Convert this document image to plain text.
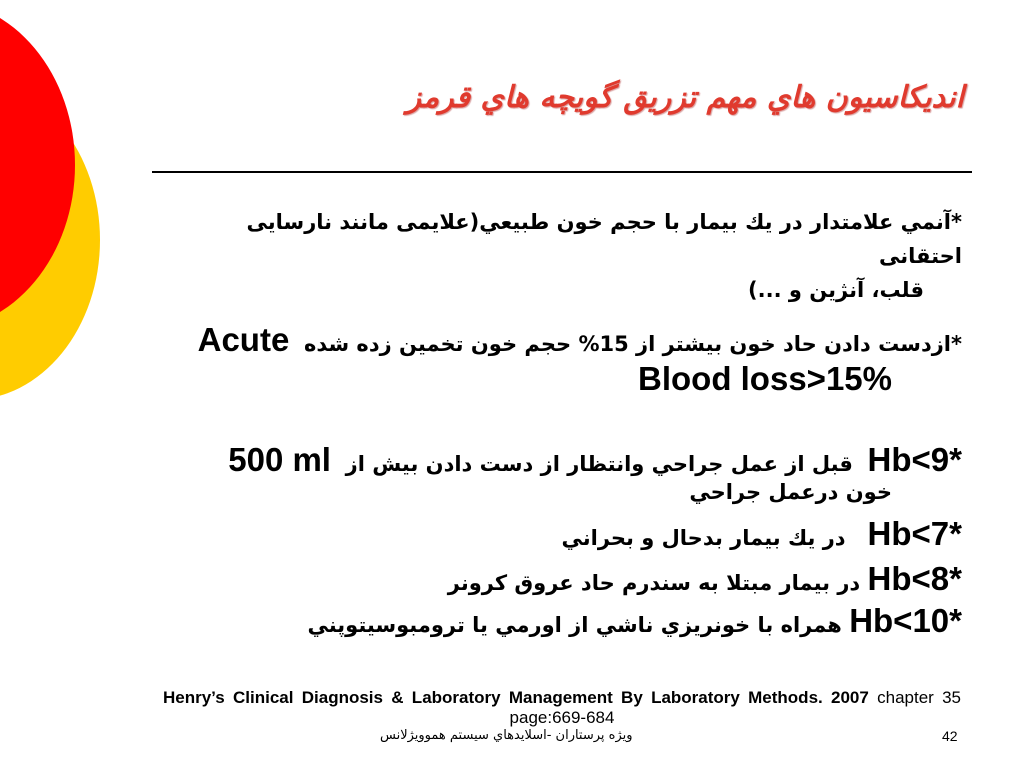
انديكاسيون هاي مهم تزريق گويچه هاي قرمز
*آنمي علامتدار در يك بيمار با حجم خون طبيعي(علايمی مانند نارسايی احتقانی
قلب، آنژين و ...)
*ازدست دادن حاد خون بيشتر از 15% حجم خون تخمين زده شده  Acute
Blood loss>15%
*Hb<9  قبل از عمل جراحي وانتظار از دست دادن بيش از  500 ml
خون درعمل جراحي
*Hb<7   در يك بيمار بدحال و بحراني
*Hb<8 در بيمار مبتلا به سندرم حاد عروق كرونر
*Hb<10 همراه با خونريزي ناشي از اورمي يا ترومبوسيتوپني
Henry’s Clinical Diagnosis & Laboratory Management By Laboratory Methods. 2007 chapter 35 page:669-684
ويژه پرستاران -اسلايدهاي سيستم هموويژلانس	42
